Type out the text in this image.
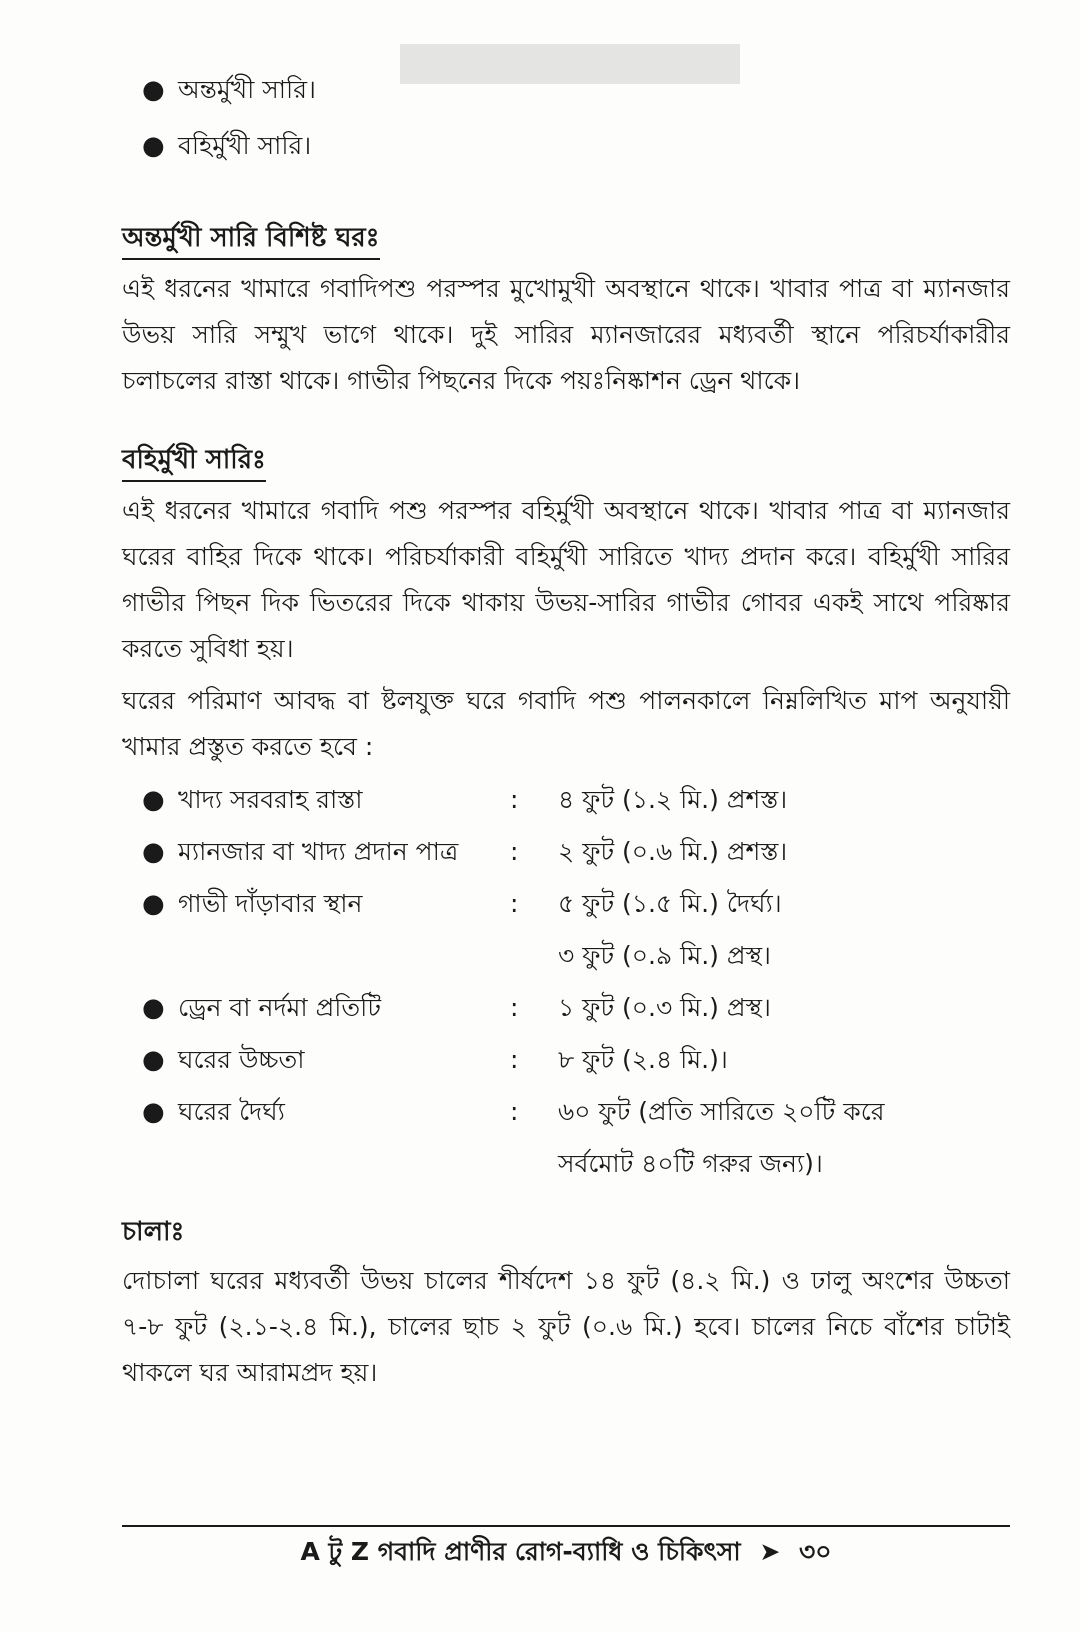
● অন্তর্মুখী সারি।
● বহির্মুখী সারি।
অন্তর্মুখী সারি বিশিষ্ট ঘরঃ

এই ধরনের খামারে গবাদিপশু পরস্পর মুখোমুখী অবস্থানে থাকে। খাবার পাত্র বা ম্যানজার উভয় সারি সম্মুখ ভাগে থাকে। দুই সারির ম্যানজারের মধ্যবর্তী স্থানে পরিচর্যাকারীর চলাচলের রাস্তা থাকে। গাভীর পিছনের দিকে পয়ঃনিষ্কাশন ড্রেন থাকে।

বহির্মুখী সারিঃ

এই ধরনের খামারে গবাদি পশু পরস্পর বহির্মুখী অবস্থানে থাকে। খাবার পাত্র বা ম্যানজার ঘরের বাহির দিকে থাকে। পরিচর্যাকারী বহির্মুখী সারিতে খাদ্য প্রদান করে। বহির্মুখী সারির গাভীর পিছন দিক ভিতরের দিকে থাকায় উভয়-সারির গাভীর গোবর একই সাথে পরিষ্কার করতে সুবিধা হয়।

ঘরের পরিমাণ আবদ্ধ বা ষ্টলযুক্ত ঘরে গবাদি পশু পালনকালে নিম্নলিখিত মাপ অনুযায়ী খামার প্রস্তুত করতে হবে :

● খাদ্য সরবরাহ রাস্তা	:	৪ ফুট (১.২ মি.) প্রশস্ত।
● ম্যানজার বা খাদ্য প্রদান পাত্র	:	২ ফুট (০.৬ মি.) প্রশস্ত।
● গাভী দাঁড়াবার স্থান	:	৫ ফুট (১.৫ মি.) দৈর্ঘ্য।
৩ ফুট (০.৯ মি.) প্রস্থ।
● ড্রেন বা নর্দমা প্রতিটি	:	১ ফুট (০.৩ মি.) প্রস্থ।
● ঘরের উচ্চতা	:	৮ ফুট (২.৪ মি.)।
● ঘরের দৈর্ঘ্য	:	৬০ ফুট (প্রতি সারিতে ২০টি করে
সর্বমোট ৪০টি গরুর জন্য)।
চালাঃ

দোচালা ঘরের মধ্যবর্তী উভয় চালের শীর্ষদেশ ১৪ ফুট (৪.২ মি.) ও ঢালু অংশের উচ্চতা ৭-৮ ফুট (২.১-২.৪ মি.), চালের ছাচ ২ ফুট (০.৬ মি.) হবে। চালের নিচে বাঁশের চাটাই থাকলে ঘর আরামপ্রদ হয়।

A টু Z গবাদি প্রাণীর রোগ-ব্যাধি ও চিকিৎসা ➤ ৩০
